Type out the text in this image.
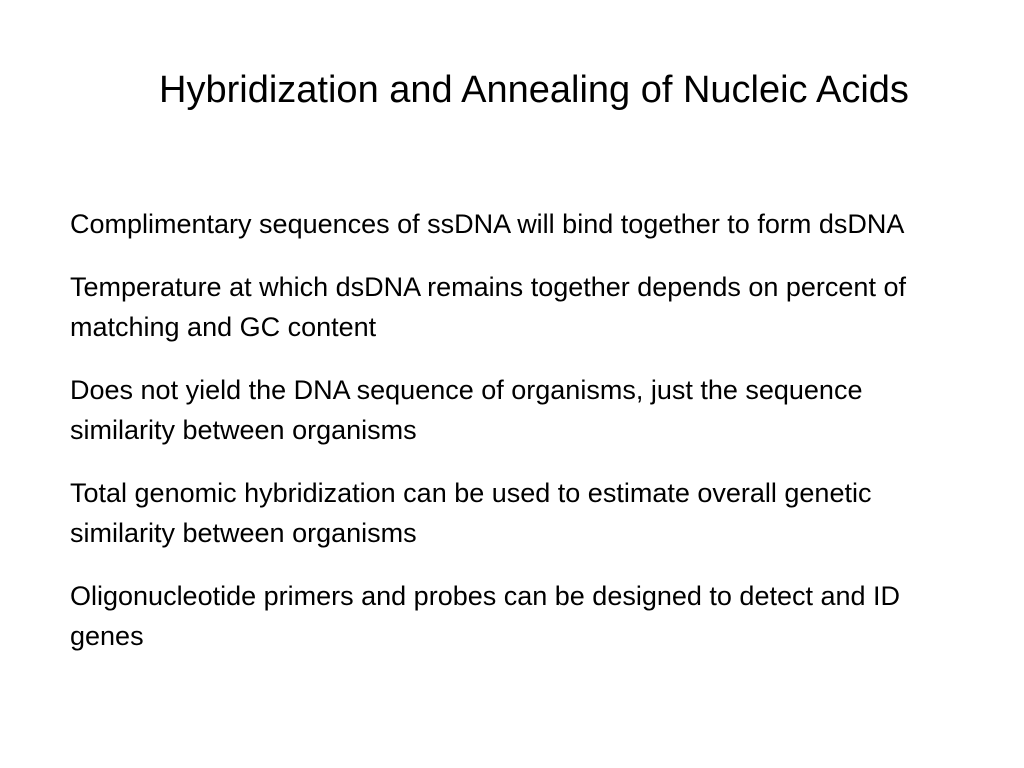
Hybridization and Annealing of Nucleic Acids
Complimentary sequences of ssDNA will bind together to form dsDNA
Temperature at which dsDNA remains together depends on percent of matching and GC content
Does not yield the DNA sequence of organisms, just the sequence similarity between organisms
Total genomic hybridization can be used to estimate overall genetic similarity between organisms
Oligonucleotide primers and probes can be designed to detect and ID genes
